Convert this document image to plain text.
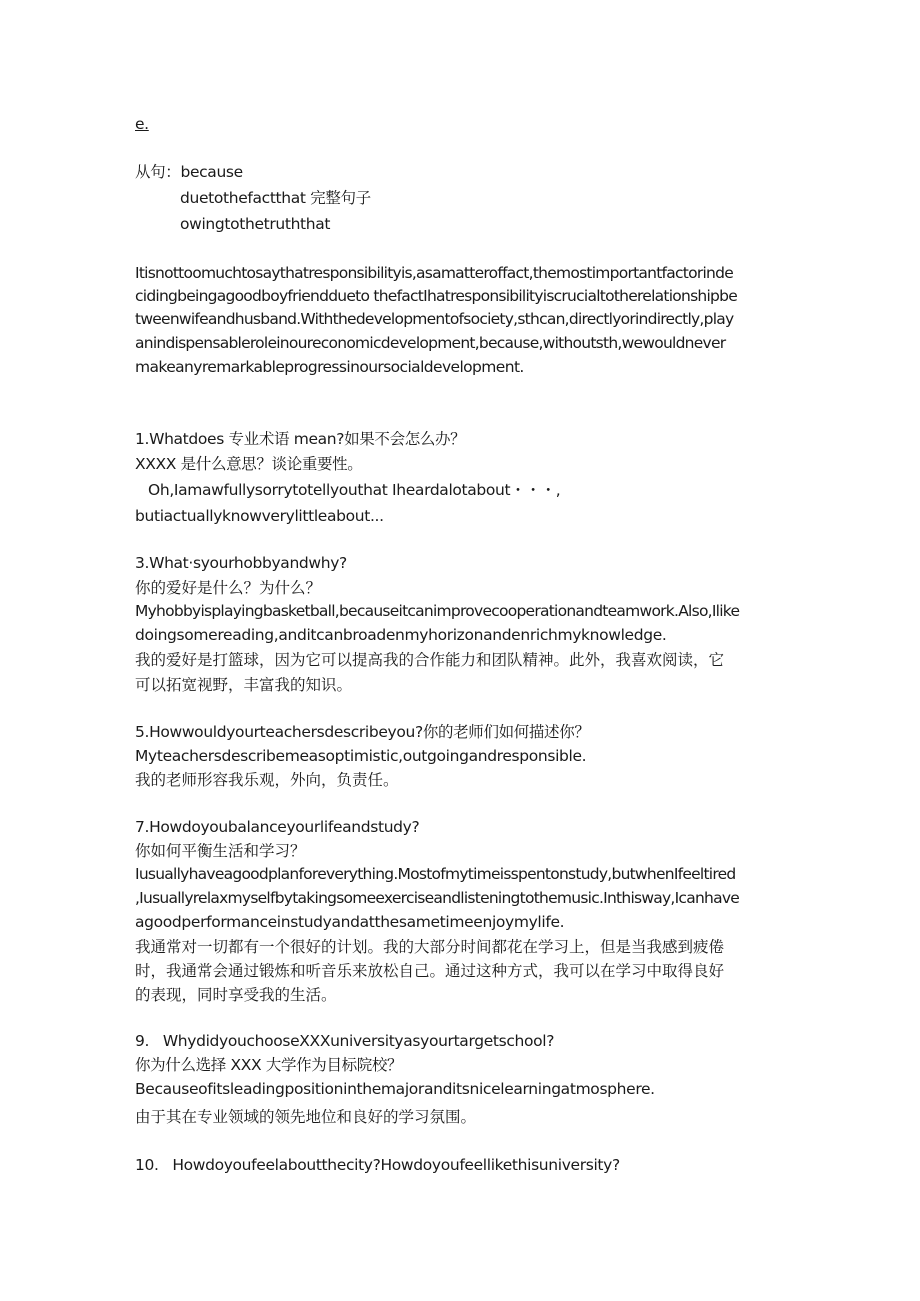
e.
从句：because
duetothefactthat 完整句子
owingtothetruththat
Itisnottoomuchtosaythatresponsibilityis,asamatteroffact,themostimportantfactorinde
cidingbeingagoodboyfrienddueto thefactIhatresponsibilityiscrucialtotherelationshipbe
tweenwifeandhusband.Withthedevelopmentofsociety,sthcan,directlyorindirectly,play
anindispensableroleinoureconomicdevelopment,because,withoutsth,wewouldnever
makeanyremarkableprogressinoursocialdevelopment.
1.Whatdoes 专业术语 mean?如果不会怎么办？
XXXX 是什么意思？谈论重要性。
Oh,Iamawfullysorrytotellyouthat Iheardalotabout・・・,
butiactuallyknowverylittleabout...
3.What·syourhobbyandwhy?
你的爱好是什么？为什么？
Myhobbyisplayingbasketball,becauseitcanimprovecooperationandteamwork.Also,Ilike
doingsomereading,anditcanbroadenmyhorizonandenrichmyknowledge.
我的爱好是打篮球，因为它可以提高我的合作能力和团队精神。此外，我喜欢阅读，它
可以拓宽视野，丰富我的知识。
5.Howwouldyourteachersdescribeyou?你的老师们如何描述你？
Myteachersdescribemeasoptimistic,outgoingandresponsible.
我的老师形容我乐观，外向，负责任。
7.Howdoyoubalanceyourlifeandstudy?
你如何平衡生活和学习？
Iusuallyhaveagoodplanforeverything.Mostofmytimeisspentonstudy,butwhenIfeeltired
,Iusuallyrelaxmyselfbytakingsomeexerciseandlisteningtothemusic.Inthisway,Icanhave
agoodperformanceinstudyandatthesametimeenjoymylife.
我通常对一切都有一个很好的计划。我的大部分时间都花在学习上，但是当我感到疲倦
时，我通常会通过锻炼和听音乐来放松自己。通过这种方式，我可以在学习中取得良好
的表现，同时享受我的生活。
9.   WhydidyouchooseXXXuniversityasyourtargetschool?
你为什么选择 XXX 大学作为目标院校？
Becauseofitsleadingpositioninthemajoranditsnicelearningatmosphere.
由于其在专业领域的领先地位和良好的学习氛围。
10.   Howdoyoufeelaboutthecity?Howdoyoufeellikethisuniversity?
